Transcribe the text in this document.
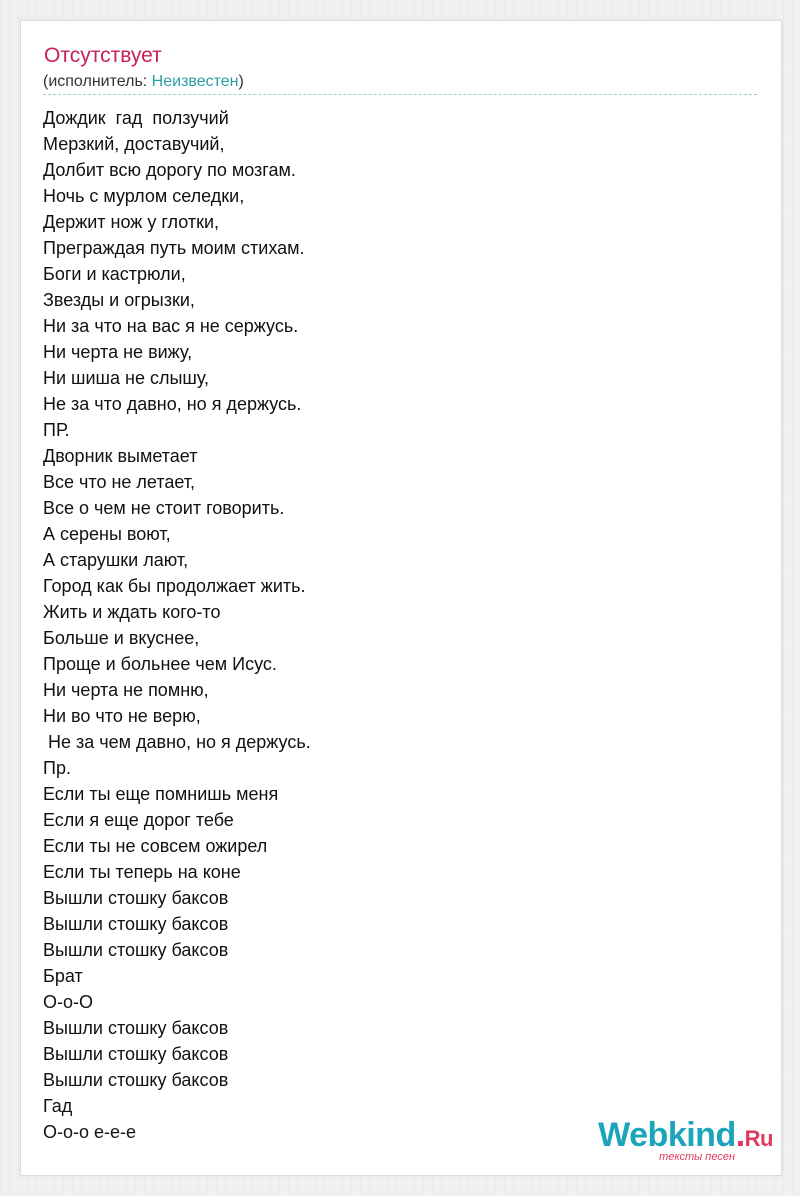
Отсутствует
(исполнитель: Неизвестен)
Дождик  гад  ползучий
Мерзкий, доставучий,
Долбит всю дорогу по мозгам.
Ночь с мурлом селедки,
Держит нож у глотки,
Преграждая путь моим стихам.
Боги и кастрюли,
Звезды и огрызки,
Ни за что на вас я не сержусь.
Ни черта не вижу,
Ни шиша не слышу,
Не за что давно, но я держусь.
ПР.
Дворник выметает
Все что не летает,
Все о чем не стоит говорить.
А серены воют,
А старушки лают,
Город как бы продолжает жить.
Жить и ждать кого-то
Больше и вкуснее,
Проще и больнее чем Исус.
Ни черта не помню,
Ни во что не верю,
Не за чем давно, но я держусь.
Пр.
Если ты еще помнишь меня
Если я еще дорог тебе
Если ты не совсем ожирел
Если ты теперь на коне
Вышли стошку баксов
Вышли стошку баксов
Вышли стошку баксов
Брат
О-о-О
Вышли стошку баксов
Вышли стошку баксов
Вышли стошку баксов
Гад
О-о-о е-е-е	Webkind.Ru
тексты песен
